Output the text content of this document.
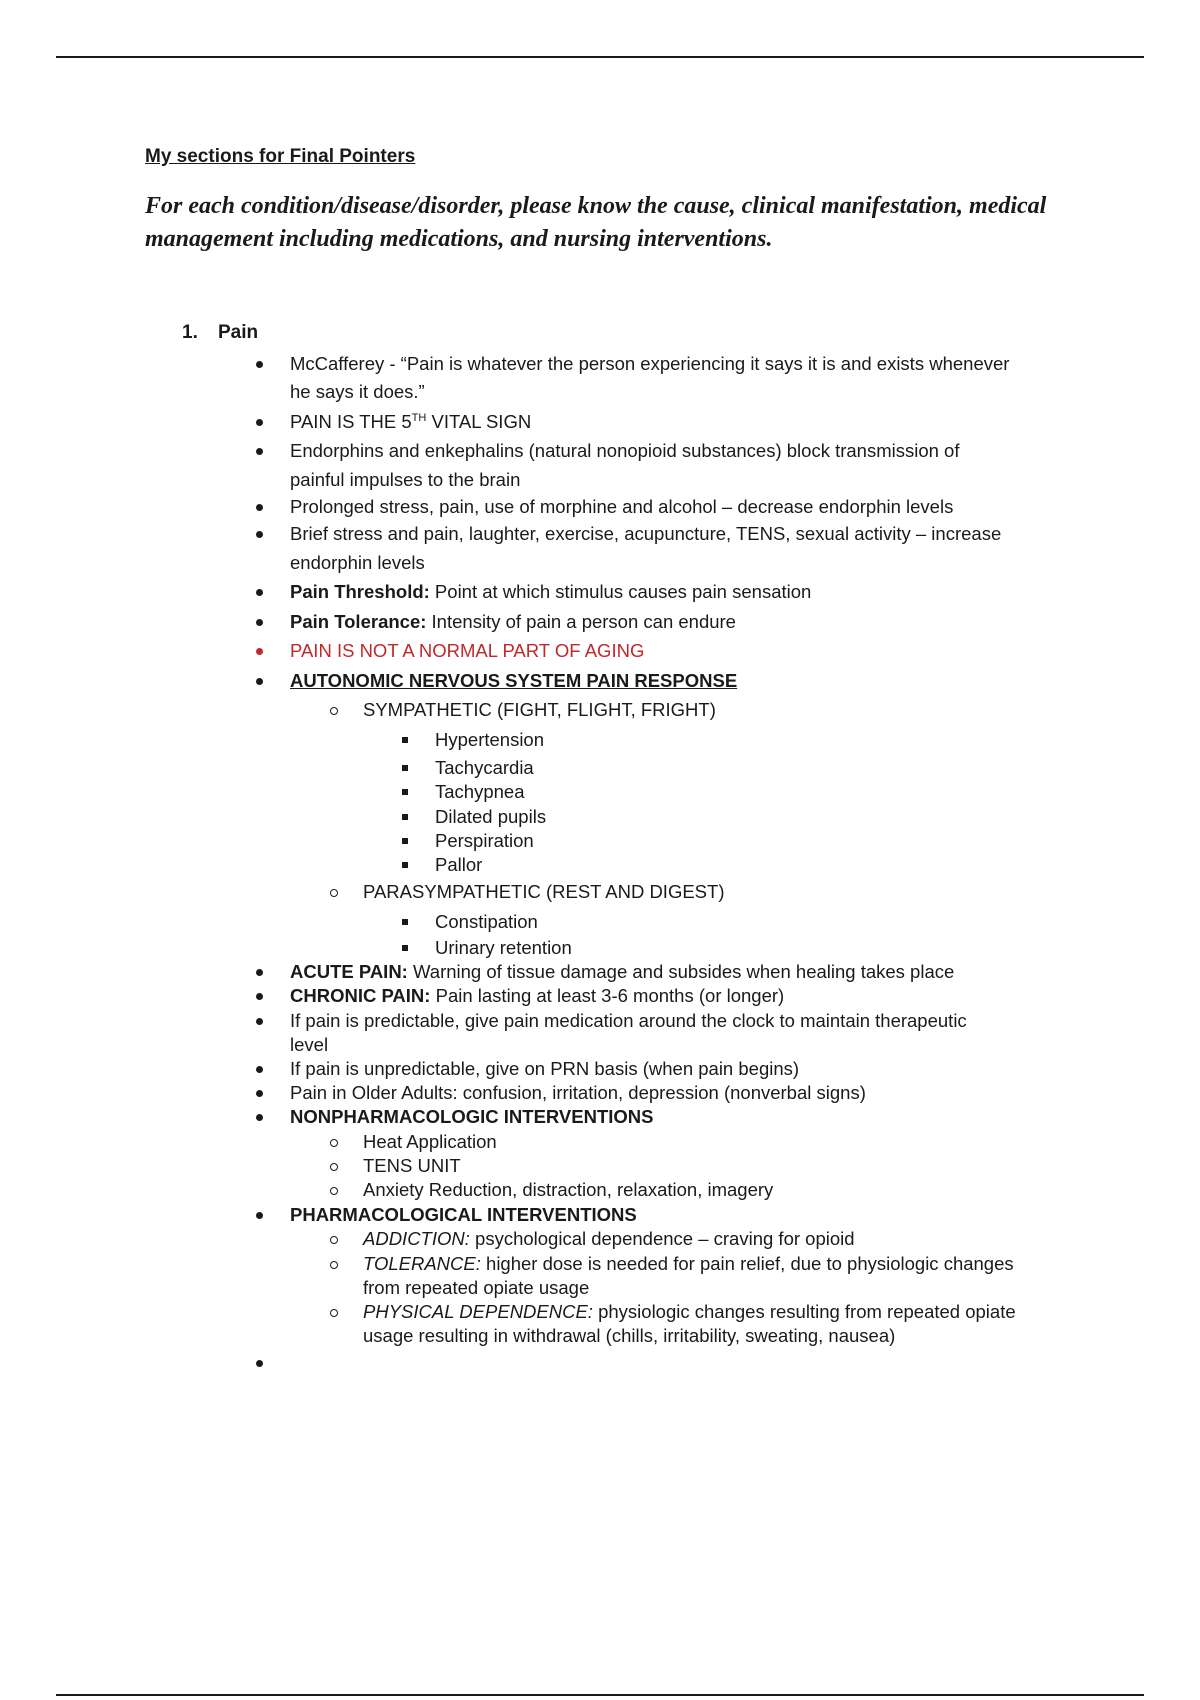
My sections for Final Pointers

For each condition/disease/disorder, please know the cause, clinical manifestation, medical management including medications, and nursing interventions.

1. Pain

McCafferey - “Pain is whatever the person experiencing it says it is and exists whenever

he says it does.”

PAIN IS THE 5TH VITAL SIGN

Endorphins and enkephalins (natural nonopioid substances) block transmission of

painful impulses to the brain

Prolonged stress, pain, use of morphine and alcohol – decrease endorphin levels

Brief stress and pain, laughter, exercise, acupuncture, TENS, sexual activity – increase

endorphin levels

Pain Threshold: Point at which stimulus causes pain sensation

Pain Tolerance: Intensity of pain a person can endure

PAIN IS NOT A NORMAL PART OF AGING

AUTONOMIC NERVOUS SYSTEM PAIN RESPONSE

SYMPATHETIC (FIGHT, FLIGHT, FRIGHT)

Hypertension

Tachycardia

Tachypnea

Dilated pupils

Perspiration

Pallor

PARASYMPATHETIC (REST AND DIGEST)

Constipation

Urinary retention

ACUTE PAIN: Warning of tissue damage and subsides when healing takes place

CHRONIC PAIN: Pain lasting at least 3-6 months (or longer)

If pain is predictable, give pain medication around the clock to maintain therapeutic

level

If pain is unpredictable, give on PRN basis (when pain begins)

Pain in Older Adults: confusion, irritation, depression (nonverbal signs)

NONPHARMACOLOGIC INTERVENTIONS

Heat Application

TENS UNIT

Anxiety Reduction, distraction, relaxation, imagery

PHARMACOLOGICAL INTERVENTIONS

ADDICTION: psychological dependence – craving for opioid

TOLERANCE: higher dose is needed for pain relief, due to physiologic changes

from repeated opiate usage

PHYSICAL DEPENDENCE: physiologic changes resulting from repeated opiate

usage resulting in withdrawal (chills, irritability, sweating, nausea)
